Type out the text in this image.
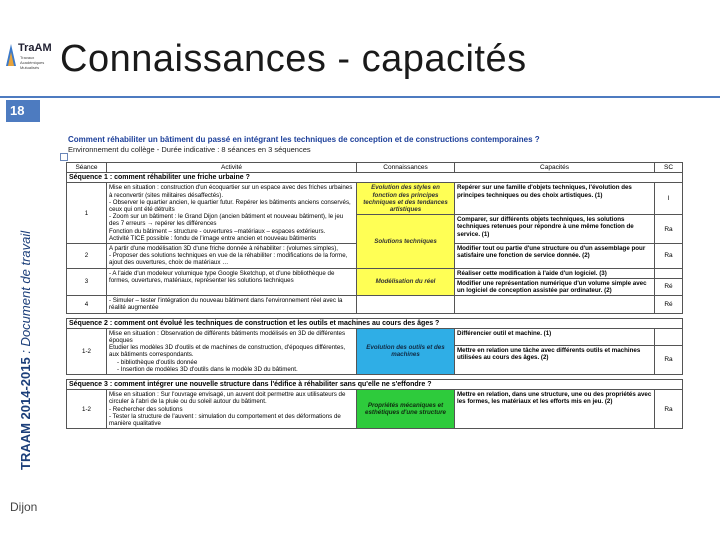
TraAM
Travaux Académiques Mutualisés Connaissances - capacités
18
TRAAM 2014-2015 : Document de travail
Dijon
Comment réhabiliter un bâtiment du passé en intégrant les techniques de conception et de constructions contemporaines ?
Environnement du collège - Durée indicative : 8 séances en 3 séquences
Séance	Activité	Connaissances	Capacités	SC
Séquence 1 : comment réhabiliter une friche urbaine ?				
1	Mise en situation : construction d'un écoquartier sur un espace avec des friches urbaines à reconvertir (sites militaires désaffectés).
- Observer le quartier ancien, le quartier futur. Repérer les bâtiments anciens conservés, ceux qui ont été détruits
- Zoom sur un bâtiment : le Grand Dijon (ancien bâtiment et nouveau bâtiment), le jeu des 7 erreurs → repérer les différences
Fonction du bâtiment – structure - ouvertures –matériaux – espaces extérieurs.
Activité TICE possible : fondu de l'image entre ancien et nouveau bâtiments	Evolution des styles en fonction des principes techniques et des tendances artistiques	Repérer sur une famille d'objets techniques, l'évolution des principes techniques ou des choix artistiques. (1)	I
		Solutions techniques	Comparer, sur différents objets techniques, les solutions techniques retenues pour répondre à une même fonction de service. (1)	Ra
2	A partir d'une modélisation 3D d'une friche donnée à réhabiliter : (volumes simples),
- Proposer des solutions techniques en vue de la réhabiliter : modifications de la forme, ajout des ouvertures, choix de matériaux …		Modifier tout ou partie d'une structure ou d'un assemblage pour satisfaire une fonction de service donnée. (2)	Ra
3	- A l'aide d'un modeleur volumique type Google Sketchup, et d'une bibliothèque de formes, ouvertures, matériaux, représenter les solutions techniques	Modélisation du réel	Réaliser cette modification à l'aide d'un logiciel. (3)	
			Modifier une représentation numérique d'un volume simple avec un logiciel de conception assistée par ordinateur. (2)	Ré
4	- Simuler – tester l'intégration du nouveau bâtiment dans l'environnement réel avec la réalité augmentée			Ré

Séquence 2 : comment ont évolué les techniques de construction et les outils et machines au cours des âges ?				
1-2	Mise en situation : Observation de différents bâtiments modélisés en 3D de différentes époques
Etudier les modèles 3D d'outils et de machines de construction, d'époques différentes, aux bâtiments correspondants.
- bibliothèque d'outils donnée
- Insertion de modèles 3D d'outils dans le modèle 3D du bâtiment.	Evolution des outils et des machines	Différencier outil et machine. (1)	
			Mettre en relation une tâche avec différents outils et machines utilisées au cours des âges. (2)	Ra

Séquence 3 : comment intégrer une nouvelle structure dans l'édifice à réhabiliter sans qu'elle ne s'effondre ?				
1-2	Mise en situation : Sur l'ouvrage envisagé, un auvent doit permettre aux utilisateurs de circuler à l'abri de la pluie ou du soleil autour du bâtiment.
- Rechercher des solutions
- Tester la structure de l'auvent : simulation du comportement et des déformations de manière qualitative	Propriétés mécaniques et esthétiques d'une structure	Mettre en relation, dans une structure, une ou des propriétés avec les formes, les matériaux et les efforts mis en jeu. (2)	Ra
